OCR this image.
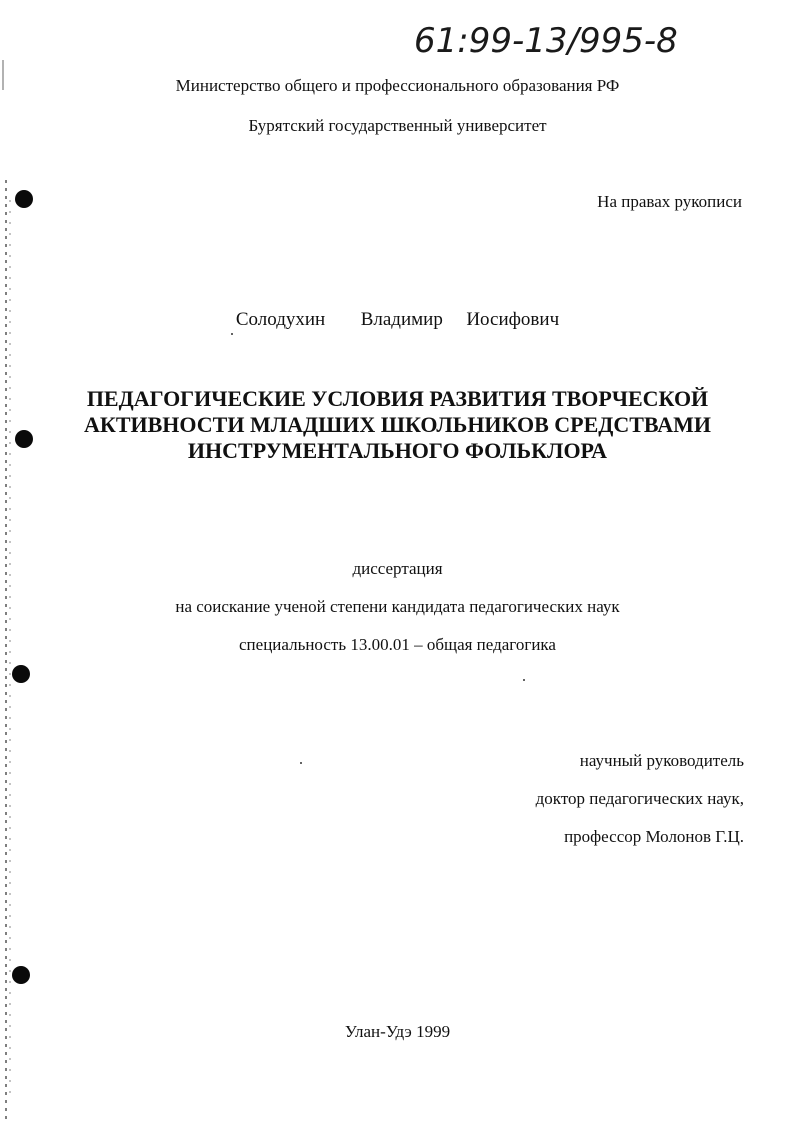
61:99-13/995-8
Министерство общего и профессионального образования РФ
Бурятский государственный университет
На правах рукописи
Солодухин Владимир Иосифович
ПЕДАГОГИЧЕСКИЕ УСЛОВИЯ РАЗВИТИЯ ТВОРЧЕСКОЙ
АКТИВНОСТИ МЛАДШИХ ШКОЛЬНИКОВ СРЕДСТВАМИ
ИНСТРУМЕНТАЛЬНОГО ФОЛЬКЛОРА
диссертация
на соискание ученой степени кандидата педагогических наук
специальность 13.00.01 – общая педагогика
научный руководитель
доктор педагогических наук,
профессор Молонов Г.Ц.
Улан-Удэ 1999
